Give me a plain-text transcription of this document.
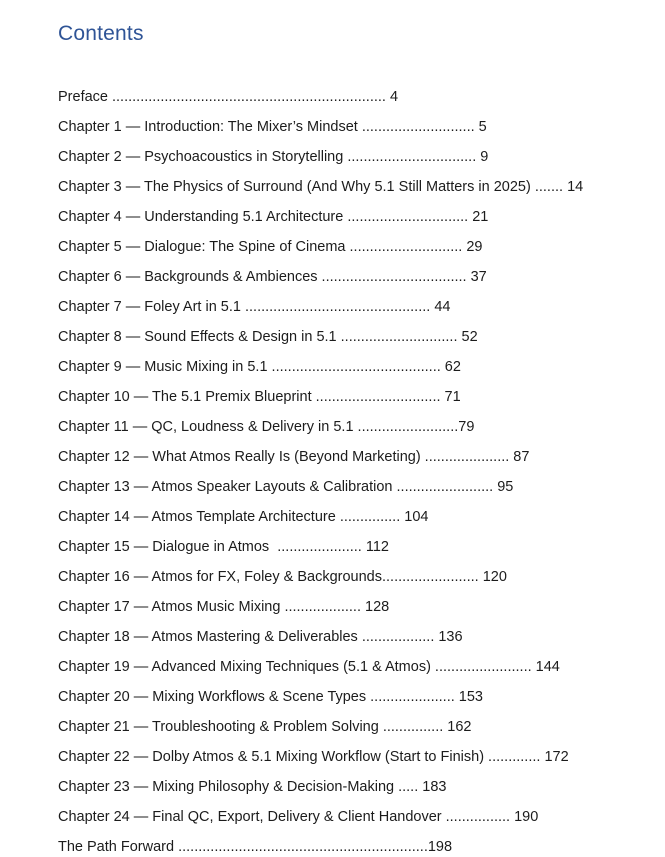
Contents

Preface .................................................................... 4

Chapter 1 — Introduction: The Mixer’s Mindset ............................ 5

Chapter 2 — Psychoacoustics in Storytelling ................................ 9

Chapter 3 — The Physics of Surround (And Why 5.1 Still Matters in 2025) ....... 14

Chapter 4 — Understanding 5.1 Architecture .............................. 21

Chapter 5 — Dialogue: The Spine of Cinema ............................ 29

Chapter 6 — Backgrounds & Ambiences .................................... 37

Chapter 7 — Foley Art in 5.1 .............................................. 44

Chapter 8 — Sound Effects & Design in 5.1 ............................. 52

Chapter 9 — Music Mixing in 5.1 .......................................... 62

Chapter 10 — The 5.1 Premix Blueprint ............................... 71

Chapter 11 — QC, Loudness & Delivery in 5.1 .........................79

Chapter 12 — What Atmos Really Is (Beyond Marketing) ..................... 87

Chapter 13 — Atmos Speaker Layouts & Calibration ........................ 95

Chapter 14 — Atmos Template Architecture ............... 104

Chapter 15 — Dialogue in Atmos  ..................... 112

Chapter 16 — Atmos for FX, Foley & Backgrounds........................ 120

Chapter 17 — Atmos Music Mixing ................... 128

Chapter 18 — Atmos Mastering & Deliverables .................. 136

Chapter 19 — Advanced Mixing Techniques (5.1 & Atmos) ........................ 144

Chapter 20 — Mixing Workflows & Scene Types ..................... 153

Chapter 21 — Troubleshooting & Problem Solving ............... 162

Chapter 22 — Dolby Atmos & 5.1 Mixing Workflow (Start to Finish) ............. 172

Chapter 23 — Mixing Philosophy & Decision-Making ..... 183

Chapter 24 — Final QC, Export, Delivery & Client Handover ................ 190

The Path Forward ..............................................................198
